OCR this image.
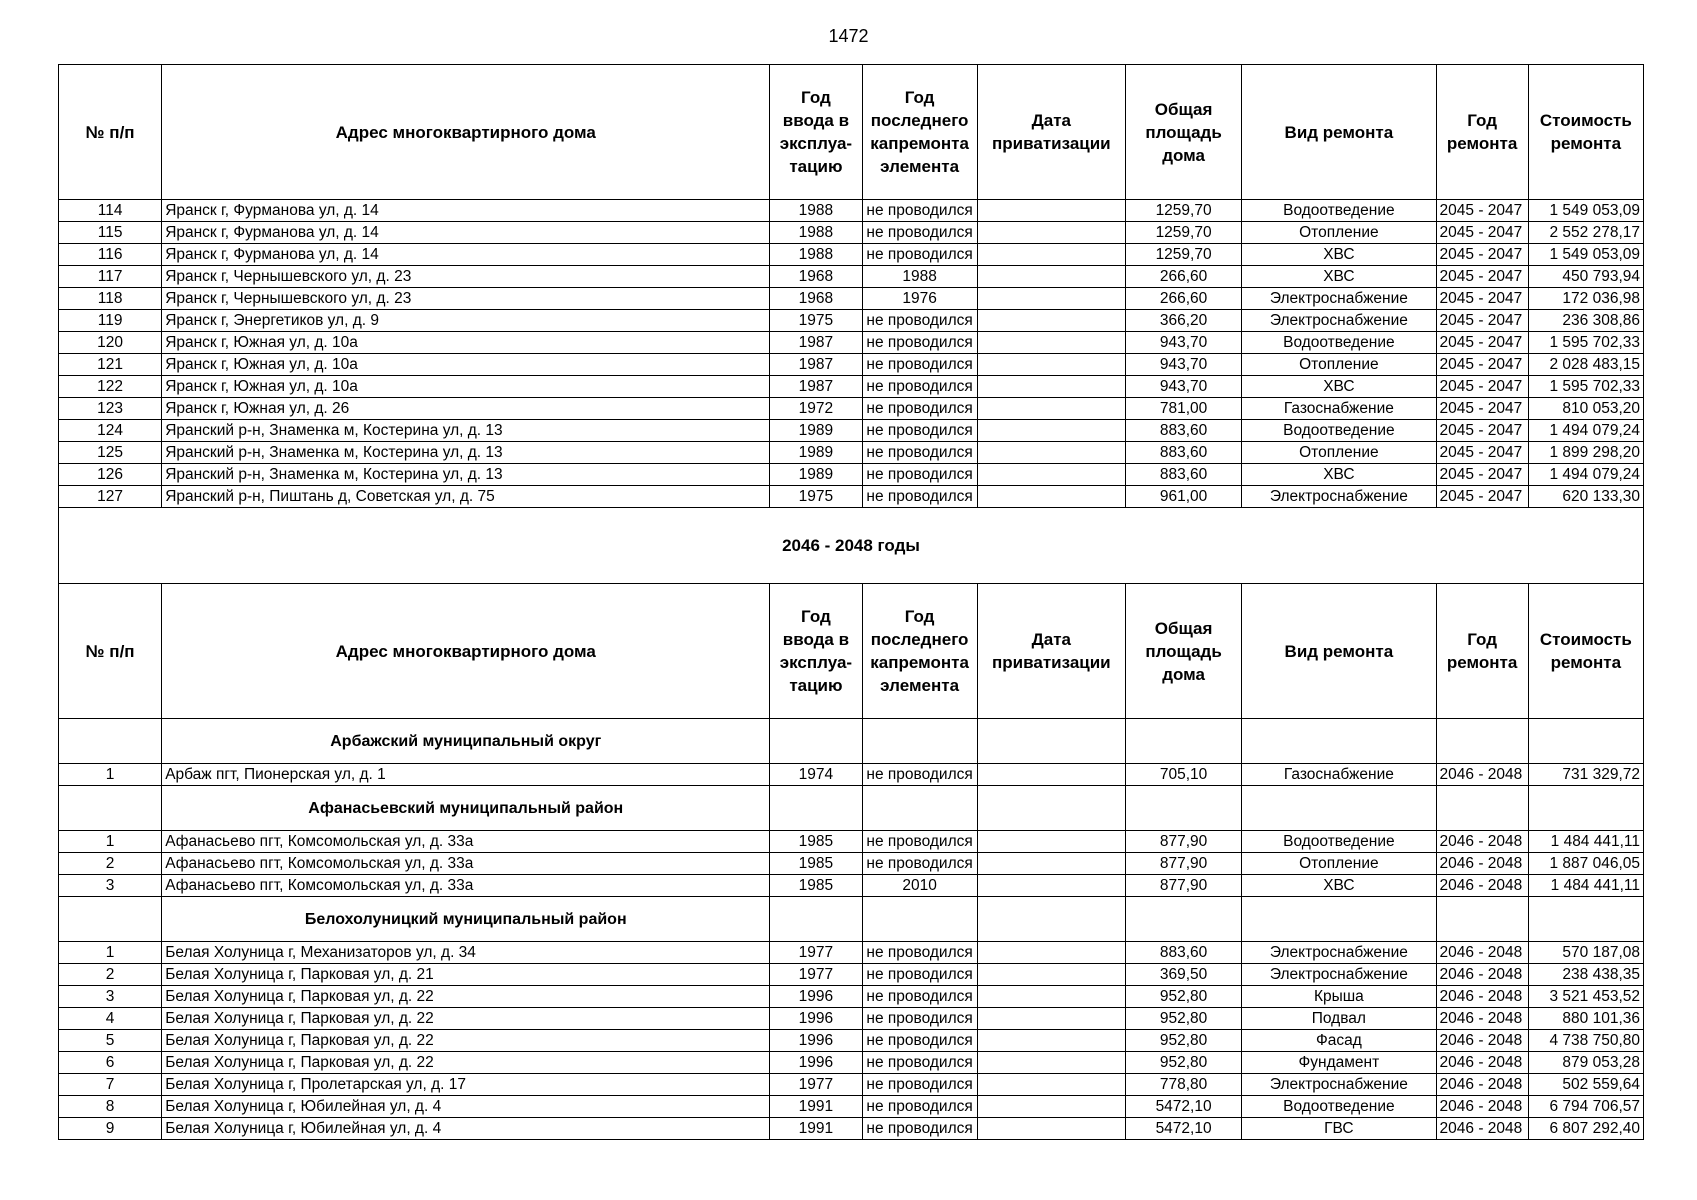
1472
№ п/п	Адрес многоквартирного дома	Год ввода в эксплуа-тацию	Год последнего капремонта элемента	Дата приватизации	Общая площадь дома	Вид ремонта	Год ремонта	Стоимость ремонта
114	Яранск г, Фурманова ул, д. 14	1988	не проводился		1259,70	Водоотведение	2045 - 2047	1 549 053,09
115	Яранск г, Фурманова ул, д. 14	1988	не проводился		1259,70	Отопление	2045 - 2047	2 552 278,17
116	Яранск г, Фурманова ул, д. 14	1988	не проводился		1259,70	ХВС	2045 - 2047	1 549 053,09
117	Яранск г, Чернышевского ул, д. 23	1968	1988		266,60	ХВС	2045 - 2047	450 793,94
118	Яранск г, Чернышевского ул, д. 23	1968	1976		266,60	Электроснабжение	2045 - 2047	172 036,98
119	Яранск г, Энергетиков ул, д. 9	1975	не проводился		366,20	Электроснабжение	2045 - 2047	236 308,86
120	Яранск г, Южная ул, д. 10а	1987	не проводился		943,70	Водоотведение	2045 - 2047	1 595 702,33
121	Яранск г, Южная ул, д. 10а	1987	не проводился		943,70	Отопление	2045 - 2047	2 028 483,15
122	Яранск г, Южная ул, д. 10а	1987	не проводился		943,70	ХВС	2045 - 2047	1 595 702,33
123	Яранск г, Южная ул, д. 26	1972	не проводился		781,00	Газоснабжение	2045 - 2047	810 053,20
124	Яранский р-н, Знаменка м, Костерина ул, д. 13	1989	не проводился		883,60	Водоотведение	2045 - 2047	1 494 079,24
125	Яранский р-н, Знаменка м, Костерина ул, д. 13	1989	не проводился		883,60	Отопление	2045 - 2047	1 899 298,20
126	Яранский р-н, Знаменка м, Костерина ул, д. 13	1989	не проводился		883,60	ХВС	2045 - 2047	1 494 079,24
127	Яранский р-н, Пиштань д, Советская ул, д. 75	1975	не проводился		961,00	Электроснабжение	2045 - 2047	620 133,30
2046 - 2048 годы								
№ п/п	Адрес многоквартирного дома	Год ввода в эксплуа-тацию	Год последнего капремонта элемента	Дата приватизации	Общая площадь дома	Вид ремонта	Год ремонта	Стоимость ремонта
	Арбажский муниципальный округ							
1	Арбаж пгт, Пионерская ул, д. 1	1974	не проводился		705,10	Газоснабжение	2046 - 2048	731 329,72
	Афанасьевский муниципальный район							
1	Афанасьево пгт, Комсомольская ул, д. 33а	1985	не проводился		877,90	Водоотведение	2046 - 2048	1 484 441,11
2	Афанасьево пгт, Комсомольская ул, д. 33а	1985	не проводился		877,90	Отопление	2046 - 2048	1 887 046,05
3	Афанасьево пгт, Комсомольская ул, д. 33а	1985	2010		877,90	ХВС	2046 - 2048	1 484 441,11
	Белохолуницкий муниципальный район							
1	Белая Холуница г, Механизаторов ул, д. 34	1977	не проводился		883,60	Электроснабжение	2046 - 2048	570 187,08
2	Белая Холуница г, Парковая ул, д. 21	1977	не проводился		369,50	Электроснабжение	2046 - 2048	238 438,35
3	Белая Холуница г, Парковая ул, д. 22	1996	не проводился		952,80	Крыша	2046 - 2048	3 521 453,52
4	Белая Холуница г, Парковая ул, д. 22	1996	не проводился		952,80	Подвал	2046 - 2048	880 101,36
5	Белая Холуница г, Парковая ул, д. 22	1996	не проводился		952,80	Фасад	2046 - 2048	4 738 750,80
6	Белая Холуница г, Парковая ул, д. 22	1996	не проводился		952,80	Фундамент	2046 - 2048	879 053,28
7	Белая Холуница г, Пролетарская ул, д. 17	1977	не проводился		778,80	Электроснабжение	2046 - 2048	502 559,64
8	Белая Холуница г, Юбилейная ул, д. 4	1991	не проводился		5472,10	Водоотведение	2046 - 2048	6 794 706,57
9	Белая Холуница г, Юбилейная ул, д. 4	1991	не проводился		5472,10	ГВС	2046 - 2048	6 807 292,40
